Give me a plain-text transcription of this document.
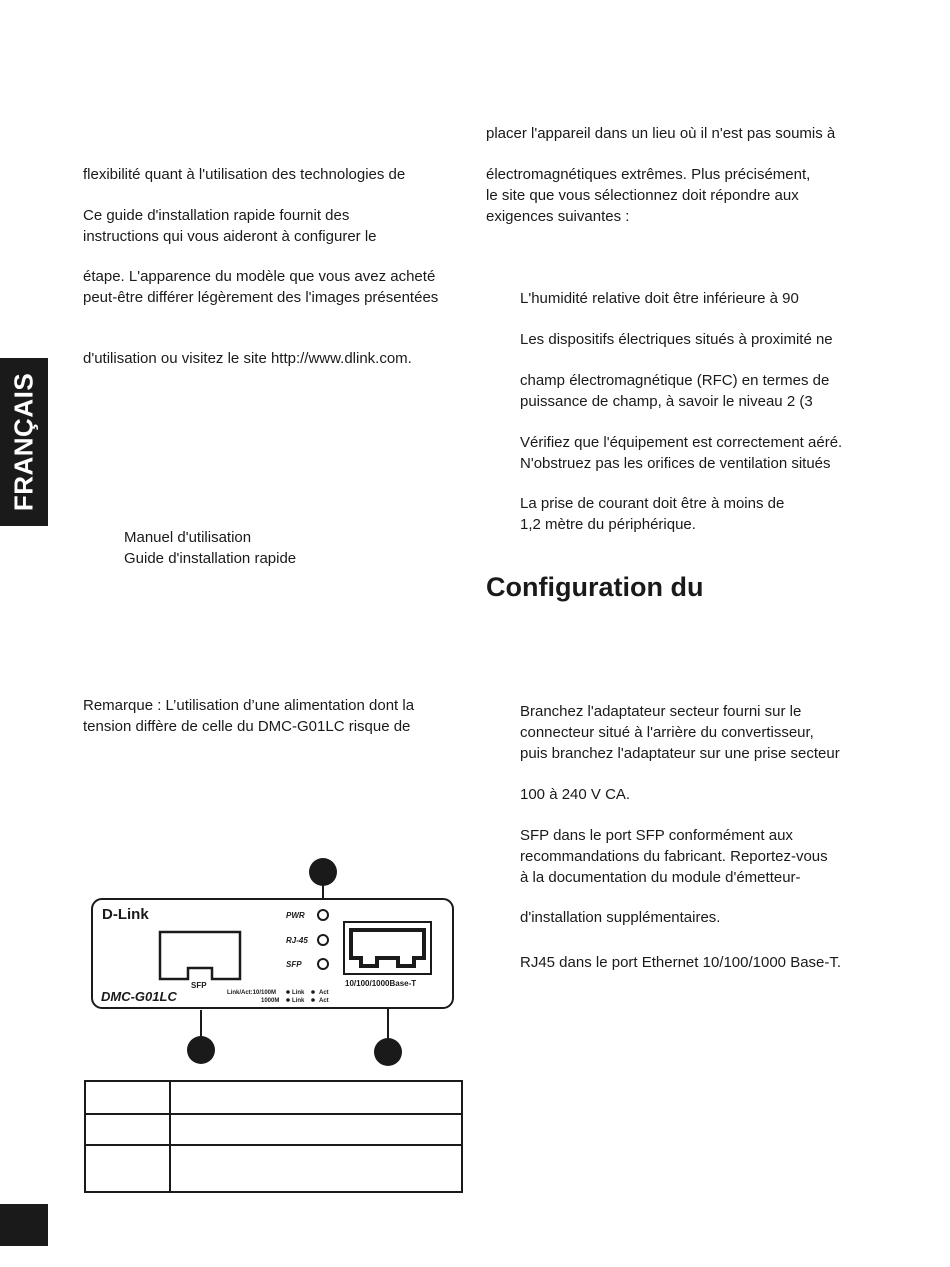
FRANÇAIS

flexibilité quant à l'utilisation des technologies de

Ce guide d'installation rapide fournit des

instructions qui vous aideront à configurer le

étape. L'apparence du modèle que vous avez acheté

peut-être différer légèrement des l'images présentées

d'utilisation ou visitez le site http://www.dlink.com.

Manuel d'utilisation

Guide d'installation rapide

Remarque : L’utilisation d’une alimentation dont la

tension diffère de celle du DMC-G01LC risque de

D-Link
SFP
DMC-G01LC
PWR
RJ-45
SFP
Link/Act:10/100M	Link Act
1000M Link Act
10/100/1000Base-T

placer l'appareil dans un lieu où il n'est pas soumis à

électromagnétiques extrêmes. Plus précisément,

le site que vous sélectionnez doit répondre aux

exigences suivantes :

L'humidité relative doit être inférieure à 90

Les dispositifs électriques situés à proximité ne

champ électromagnétique (RFC) en termes de

puissance de champ, à savoir le niveau 2 (3

Vérifiez que l'équipement est correctement aéré.

N'obstruez pas les orifices de ventilation situés

La prise de courant doit être à moins de

1,2 mètre du périphérique.

Configuration du

Branchez l'adaptateur secteur fourni sur le

connecteur situé à l'arrière du convertisseur,

puis branchez l'adaptateur sur une prise secteur

100 à 240 V CA.

SFP dans le port SFP conformément aux

recommandations du fabricant. Reportez-vous

à la documentation du module d'émetteur-

d'installation supplémentaires.

RJ45 dans le port Ethernet 10/100/1000 Base-T.
